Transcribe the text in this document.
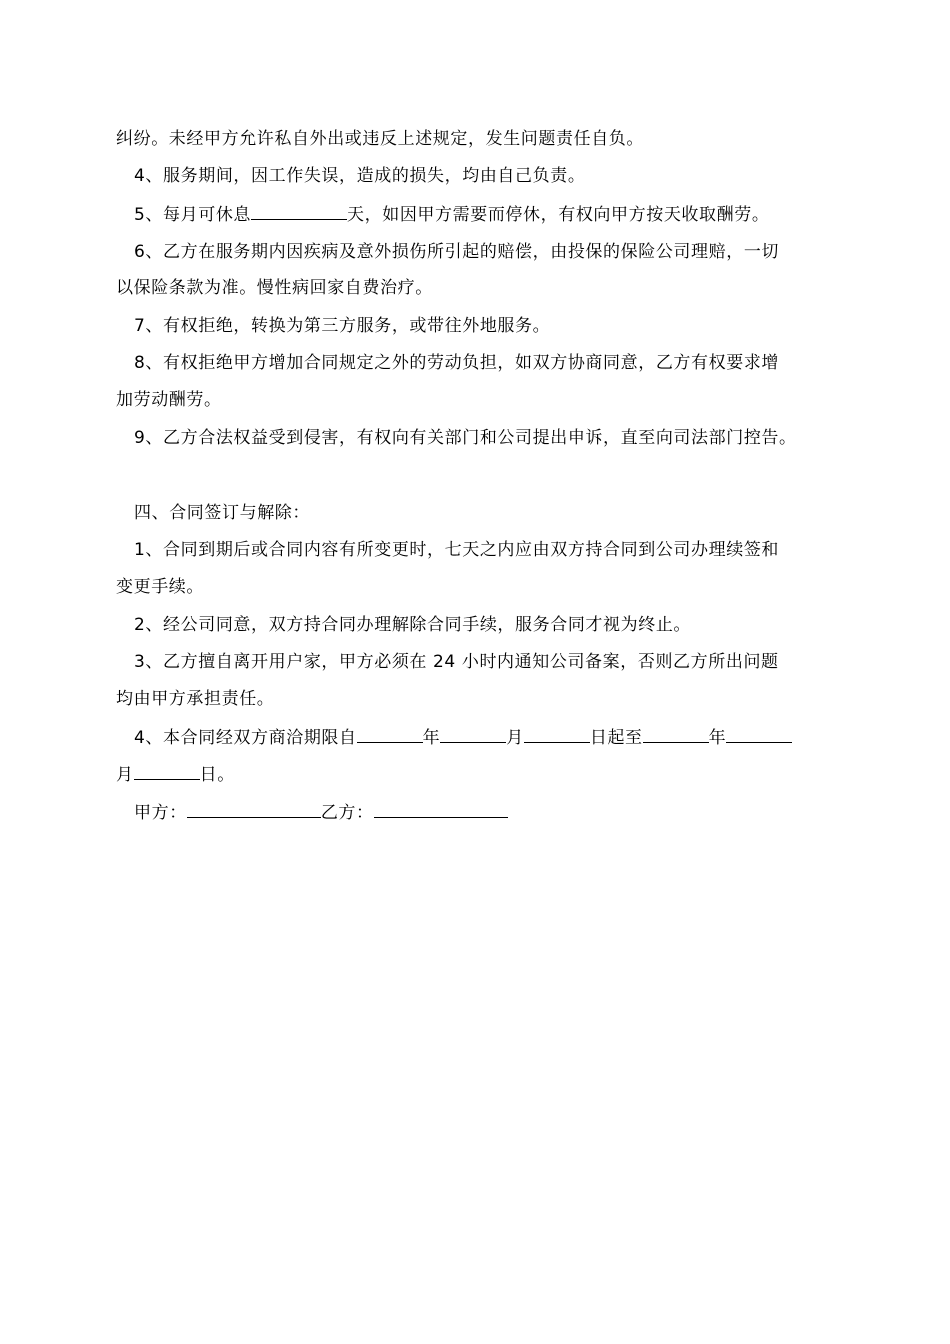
纠纷。未经甲方允许私自外出或违反上述规定，发生问题责任自负。
4、服务期间，因工作失误，造成的损失，均由自己负责。
5、每月可休息	天，如因甲方需要而停休，有权向甲方按天收取酬劳。
6、乙方在服务期内因疾病及意外损伤所引起的赔偿，由投保的保险公司理赔，一切
以保险条款为准。慢性病回家自费治疗。
7、有权拒绝，转换为第三方服务，或带往外地服务。
8、有权拒绝甲方增加合同规定之外的劳动负担，如双方协商同意，乙方有权要求增
加劳动酬劳。
9、乙方合法权益受到侵害，有权向有关部门和公司提出申诉，直至向司法部门控告。
四、合同签订与解除：
1、合同到期后或合同内容有所变更时，七天之内应由双方持合同到公司办理续签和
变更手续。
2、经公司同意，双方持合同办理解除合同手续，服务合同才视为终止。
3、乙方擅自离开用户家，甲方必须在 24 小时内通知公司备案，否则乙方所出问题
均由甲方承担责任。
4、本合同经双方商洽期限自	年	月	日起至	年
月	日。
甲方：	乙方：
